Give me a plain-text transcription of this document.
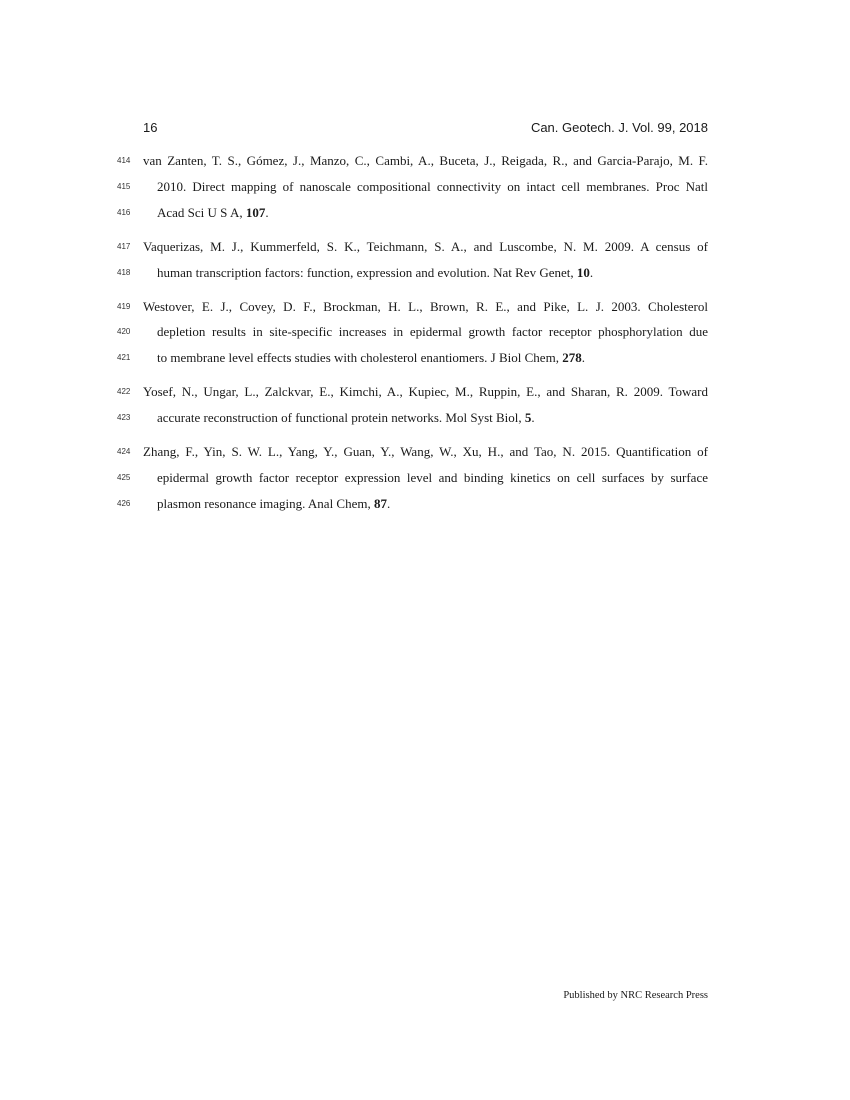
16	Can. Geotech. J. Vol. 99, 2018
414 van Zanten, T. S., Gómez, J., Manzo, C., Cambi, A., Buceta, J., Reigada, R., and Garcia-Parajo, M. F.
415 2010. Direct mapping of nanoscale compositional connectivity on intact cell membranes. Proc Natl
416 Acad Sci U S A, 107.
417 Vaquerizas, M. J., Kummerfeld, S. K., Teichmann, S. A., and Luscombe, N. M. 2009. A census of
418 human transcription factors: function, expression and evolution. Nat Rev Genet, 10.
419 Westover, E. J., Covey, D. F., Brockman, H. L., Brown, R. E., and Pike, L. J. 2003. Cholesterol
420 depletion results in site-specific increases in epidermal growth factor receptor phosphorylation due
421 to membrane level effects studies with cholesterol enantiomers. J Biol Chem, 278.
422 Yosef, N., Ungar, L., Zalckvar, E., Kimchi, A., Kupiec, M., Ruppin, E., and Sharan, R. 2009. Toward
423 accurate reconstruction of functional protein networks. Mol Syst Biol, 5.
424 Zhang, F., Yin, S. W. L., Yang, Y., Guan, Y., Wang, W., Xu, H., and Tao, N. 2015. Quantification of
425 epidermal growth factor receptor expression level and binding kinetics on cell surfaces by surface
426 plasmon resonance imaging. Anal Chem, 87.
Published by NRC Research Press
